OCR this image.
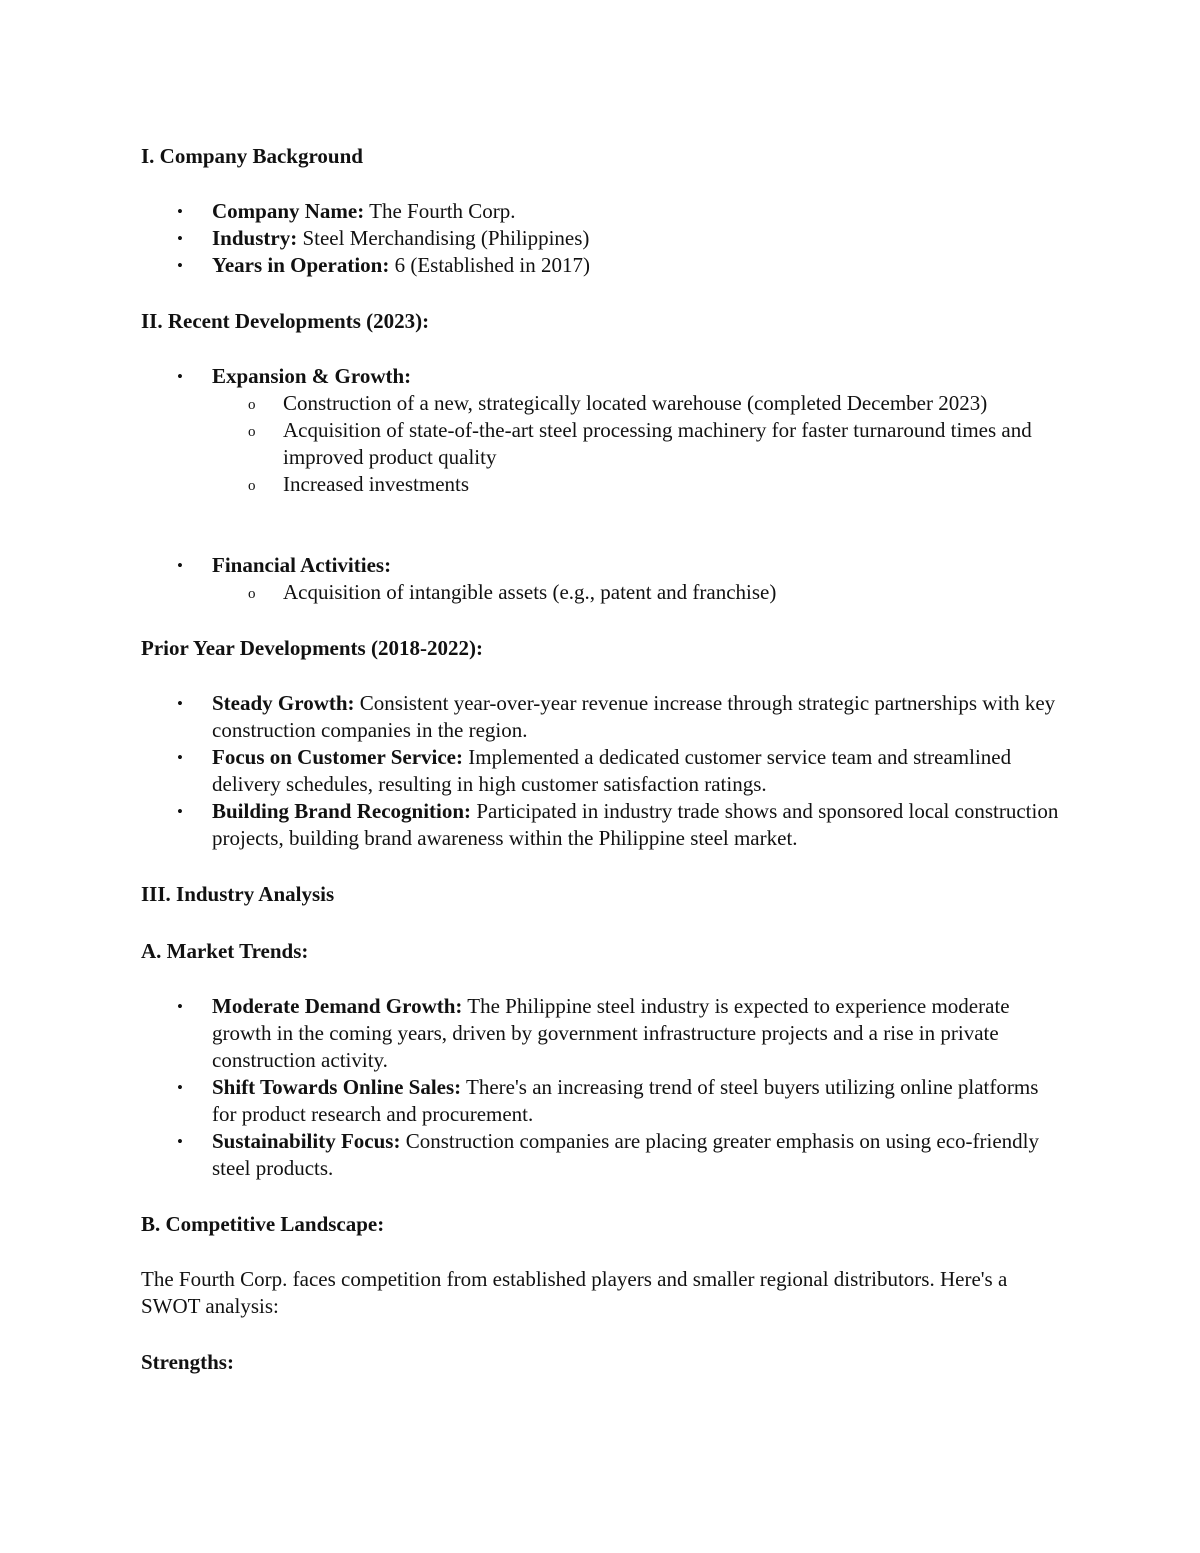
I. Company Background
• Company Name: The Fourth Corp.
• Industry: Steel Merchandising (Philippines)
• Years in Operation: 6 (Established in 2017)
II. Recent Developments (2023):
• Expansion & Growth:
o Construction of a new, strategically located warehouse (completed December 2023)
o Acquisition of state-of-the-art steel processing machinery for faster turnaround times and improved product quality
o Increased investments
• Financial Activities:
o Acquisition of intangible assets (e.g., patent and franchise)
Prior Year Developments (2018-2022):
• Steady Growth: Consistent year-over-year revenue increase through strategic partnerships with key construction companies in the region.
• Focus on Customer Service: Implemented a dedicated customer service team and streamlined delivery schedules, resulting in high customer satisfaction ratings.
• Building Brand Recognition: Participated in industry trade shows and sponsored local construction projects, building brand awareness within the Philippine steel market.
III. Industry Analysis
A. Market Trends:
• Moderate Demand Growth: The Philippine steel industry is expected to experience moderate growth in the coming years, driven by government infrastructure projects and a rise in private construction activity.
• Shift Towards Online Sales: There's an increasing trend of steel buyers utilizing online platforms for product research and procurement.
• Sustainability Focus: Construction companies are placing greater emphasis on using eco-friendly steel products.
B. Competitive Landscape:

The Fourth Corp. faces competition from established players and smaller regional distributors. Here's a SWOT analysis:

Strengths:
